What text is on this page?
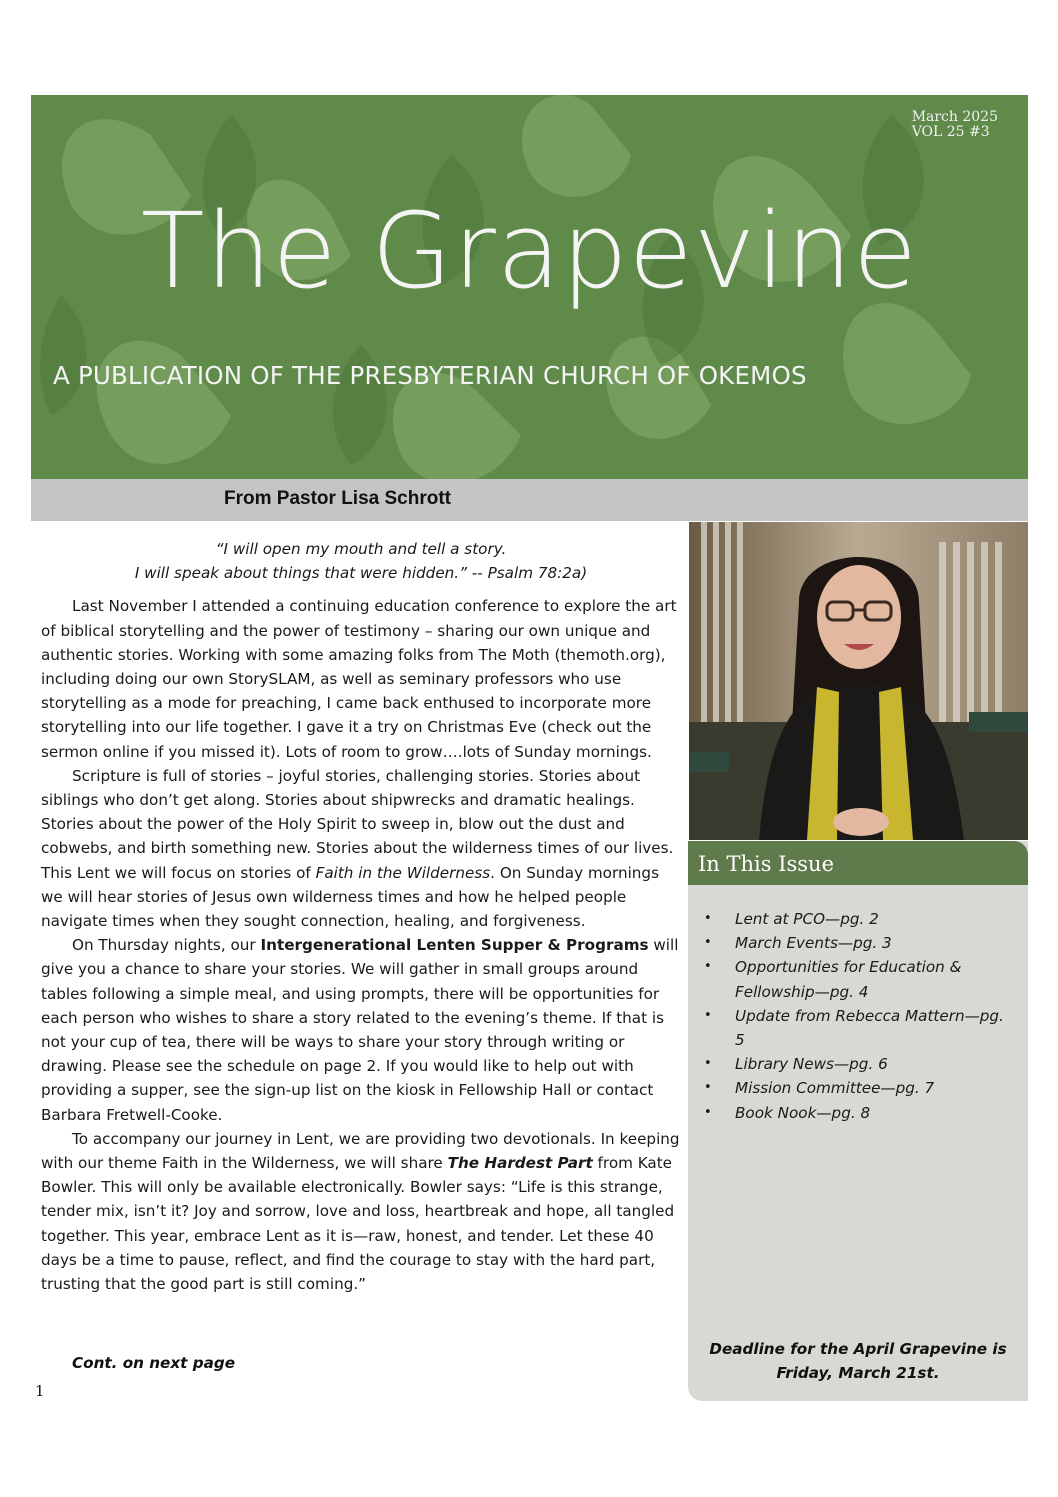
March 2025
VOL 25 #3
The Grapevine
A PUBLICATION OF THE PRESBYTERIAN CHURCH OF OKEMOS
From Pastor Lisa Schrott
“I will open my mouth and tell a story.
I will speak about things that were hidden.” -- Psalm 78:2a)

Last November I attended a continuing education conference to explore the art of biblical storytelling and the power of testimony – sharing our own unique and authentic stories. Working with some amazing folks from The Moth (themoth.org), including doing our own StorySLAM, as well as seminary professors who use storytelling as a mode for preaching, I came back enthused to incorporate more storytelling into our life together. I gave it a try on Christmas Eve (check out the sermon online if you missed it). Lots of room to grow….lots of Sunday mornings.

Scripture is full of stories – joyful stories, challenging stories. Stories about siblings who don’t get along. Stories about shipwrecks and dramatic healings. Stories about the power of the Holy Spirit to sweep in, blow out the dust and cobwebs, and birth something new. Stories about the wilderness times of our lives. This Lent we will focus on stories of Faith in the Wilderness. On Sunday mornings we will hear stories of Jesus own wilderness times and how he helped people navigate times when they sought connection, healing, and forgiveness.

On Thursday nights, our Intergenerational Lenten Supper & Programs will give you a chance to share your stories. We will gather in small groups around tables following a simple meal, and using prompts, there will be opportunities for each person who wishes to share a story related to the evening’s theme. If that is not your cup of tea, there will be ways to share your story through writing or drawing. Please see the schedule on page 2. If you would like to help out with providing a supper, see the sign-up list on the kiosk in Fellowship Hall or contact Barbara Fretwell-Cooke.

To accompany our journey in Lent, we are providing two devotionals. In keeping with our theme Faith in the Wilderness, we will share The Hardest Part from Kate Bowler. This will only be available electronically. Bowler says: “Life is this strange, tender mix, isn’t it? Joy and sorrow, love and loss, heartbreak and hope, all tangled together. This year, embrace Lent as it is—raw, honest, and tender. Let these 40 days be a time to pause, reflect, and find the courage to stay with the hard part, trusting that the good part is still coming.”

Cont. on next page
1
In This Issue
• Lent at PCO—pg. 2
• March Events—pg. 3
• Opportunities for Education & Fellowship—pg. 4
• Update from Rebecca Mattern—pg. 5
• Library News—pg. 6
• Mission Committee—pg. 7
• Book Nook—pg. 8
Deadline for the April Grapevine is
Friday, March 21st.
